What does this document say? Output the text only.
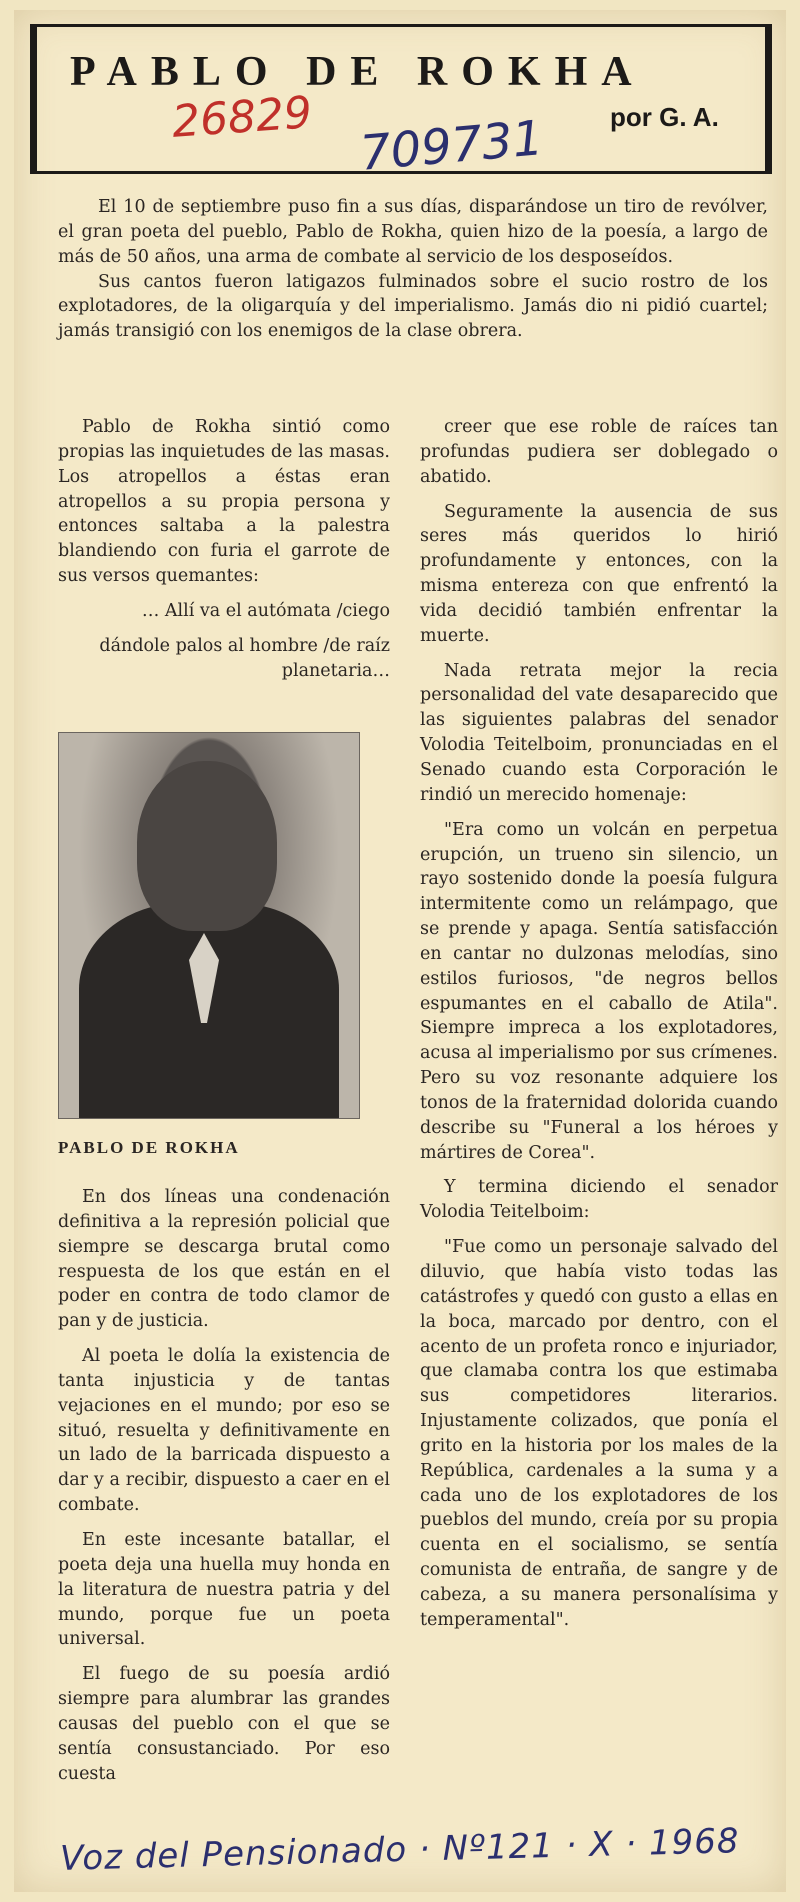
PABLO DE ROKHA
por G. A.
26829 709731

El 10 de septiembre puso fin a sus días, disparándose un tiro de revólver, el gran poeta del pueblo, Pablo de Rokha, quien hizo de la poesía, a largo de más de 50 años, una arma de combate al servicio de los desposeídos.

Sus cantos fueron latigazos fulminados sobre el sucio rostro de los explotadores, de la oligarquía y del imperialismo. Jamás dio ni pidió cuartel; jamás transigió con los enemigos de la clase obrera.

Pablo de Rokha sintió como propias las inquietudes de las masas. Los atropellos a éstas eran atropellos a su propia persona y entonces saltaba a la palestra blandiendo con furia el garrote de sus versos quemantes:

… Allí va el autómata /ciego

dándole palos al hombre /de raíz planetaria…

PABLO DE ROKHA

En dos líneas una condenación definitiva a la represión policial que siempre se descarga brutal como respuesta de los que están en el poder en contra de todo clamor de pan y de justicia.

Al poeta le dolía la existencia de tanta injusticia y de tantas vejaciones en el mundo; por eso se situó, resuelta y definitivamente en un lado de la barricada dispuesto a dar y a recibir, dispuesto a caer en el combate.

En este incesante batallar, el poeta deja una huella muy honda en la literatura de nuestra patria y del mundo, porque fue un poeta universal.

El fuego de su poesía ardió siempre para alumbrar las grandes causas del pueblo con el que se sentía consustanciado. Por eso cuesta

creer que ese roble de raíces tan profundas pudiera ser doblegado o abatido.

Seguramente la ausencia de sus seres más queridos lo hirió profundamente y entonces, con la misma entereza con que enfrentó la vida decidió también enfrentar la muerte.

Nada retrata mejor la recia personalidad del vate desaparecido que las siguientes palabras del senador Volodia Teitelboim, pronunciadas en el Senado cuando esta Corporación le rindió un merecido homenaje:

"Era como un volcán en perpetua erupción, un trueno sin silencio, un rayo sostenido donde la poesía fulgura intermitente como un relámpago, que se prende y apaga. Sentía satisfacción en cantar no dulzonas melodías, sino estilos furiosos, "de negros bellos espumantes en el caballo de Atila". Siempre impreca a los explotadores, acusa al imperialismo por sus crímenes. Pero su voz resonante adquiere los tonos de la fraternidad dolorida cuando describe su "Funeral a los héroes y mártires de Corea".

Y termina diciendo el senador Volodia Teitelboim:

"Fue como un personaje salvado del diluvio, que había visto todas las catástrofes y quedó con gusto a ellas en la boca, marcado por dentro, con el acento de un profeta ronco e injuriador, que clamaba contra los que estimaba sus competidores literarios. Injustamente colizados, que ponía el grito en la historia por los males de la República, cardenales a la suma y a cada uno de los explotadores de los pueblos del mundo, creía por su propia cuenta en el socialismo, se sentía comunista de entraña, de sangre y de cabeza, a su manera personalísima y temperamental".

Voz del Pensionado · Nº121 · X · 1968
